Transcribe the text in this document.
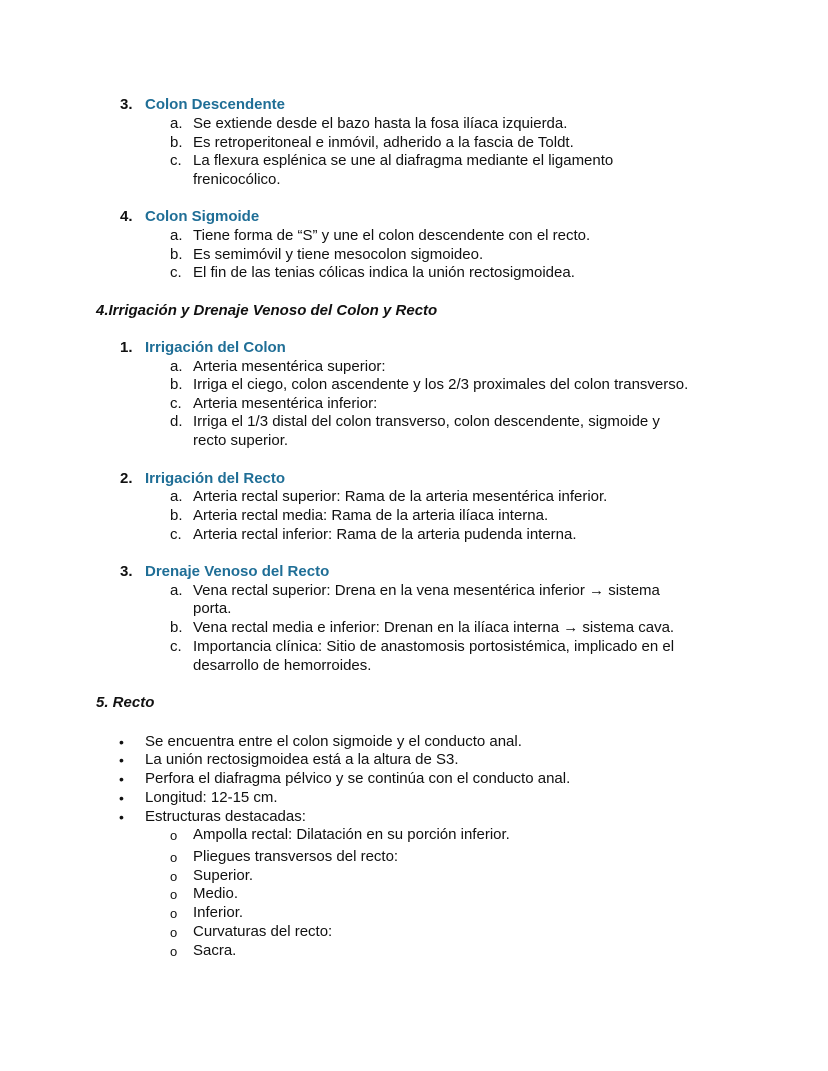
3. Colon Descendente
a. Se extiende desde el bazo hasta la fosa ilíaca izquierda.
b. Es retroperitoneal e inmóvil, adherido a la fascia de Toldt.
c. La flexura esplénica se une al diafragma mediante el ligamento
frenicocólico.
4. Colon Sigmoide
a. Tiene forma de “S” y une el colon descendente con el recto.
b. Es semimóvil y tiene mesocolon sigmoideo.
c. El fin de las tenias cólicas indica la unión rectosigmoidea.
4.Irrigación y Drenaje Venoso del Colon y Recto
1. Irrigación del Colon
a. Arteria mesentérica superior:
b. Irriga el ciego, colon ascendente y los 2/3 proximales del colon transverso.
c. Arteria mesentérica inferior:
d. Irriga el 1/3 distal del colon transverso, colon descendente, sigmoide y
recto superior.
2. Irrigación del Recto
a. Arteria rectal superior: Rama de la arteria mesentérica inferior.
b. Arteria rectal media: Rama de la arteria ilíaca interna.
c. Arteria rectal inferior: Rama de la arteria pudenda interna.
3. Drenaje Venoso del Recto
a. Vena rectal superior: Drena en la vena mesentérica inferior → sistema
porta.
b. Vena rectal media e inferior: Drenan en la ilíaca interna → sistema cava.
c. Importancia clínica: Sitio de anastomosis portosistémica, implicado en el
desarrollo de hemorroides.
5. Recto
• Se encuentra entre el colon sigmoide y el conducto anal.
• La unión rectosigmoidea está a la altura de S3.
• Perfora el diafragma pélvico y se continúa con el conducto anal.
• Longitud: 12-15 cm.
• Estructuras destacadas:
o Ampolla rectal: Dilatación en su porción inferior.
o Pliegues transversos del recto:
o Superior.
o Medio.
o Inferior.
o Curvaturas del recto:
o Sacra.
